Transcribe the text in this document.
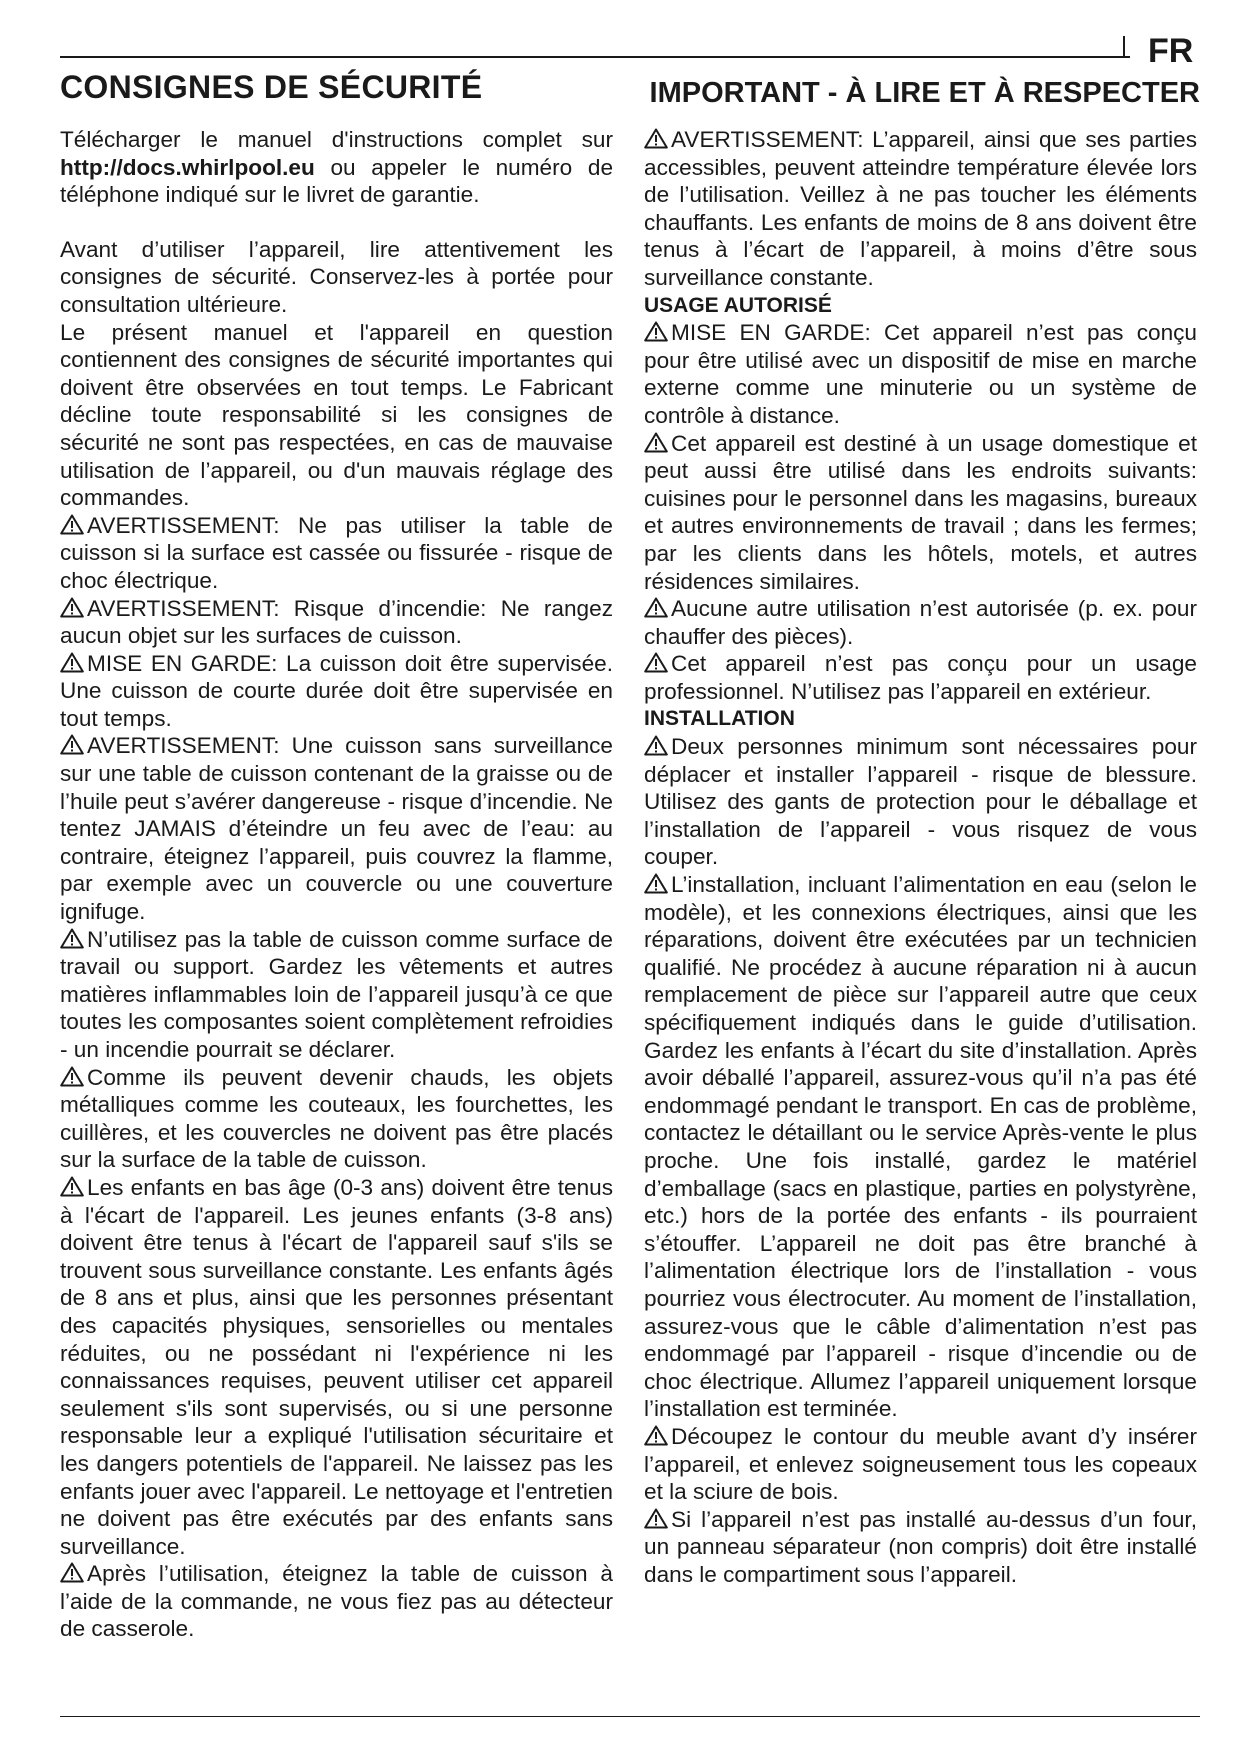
FR
CONSIGNES DE SÉCURITÉ	IMPORTANT - À LIRE ET À RESPECTER

Télécharger le manuel d'instructions complet sur http://docs.whirlpool.eu ou appeler le numéro de téléphone indiqué sur le livret de garantie.

Avant d’utiliser l’appareil, lire attentivement les consignes de sécurité. Conservez-les à portée pour consultation ultérieure.

Le présent manuel et l'appareil en question contiennent des consignes de sécurité importantes qui doivent être observées en tout temps. Le Fabricant décline toute responsabilité si les consignes de sécurité ne sont pas respectées, en cas de mauvaise utilisation de l’appareil, ou d'un mauvais réglage des commandes.

AVERTISSEMENT: Ne pas utiliser la table de cuisson si la surface est cassée ou fissurée - risque de choc électrique.

AVERTISSEMENT: Risque d’incendie: Ne rangez aucun objet sur les surfaces de cuisson.

MISE EN GARDE: La cuisson doit être supervisée. Une cuisson de courte durée doit être supervisée en tout temps.

AVERTISSEMENT: Une cuisson sans surveillance sur une table de cuisson contenant de la graisse ou de l’huile peut s’avérer dangereuse - risque d’incendie. Ne tentez JAMAIS d’éteindre un feu avec de l’eau: au contraire, éteignez l’appareil, puis couvrez la flamme, par exemple avec un couvercle ou une couverture ignifuge.

N’utilisez pas la table de cuisson comme surface de travail ou support. Gardez les vêtements et autres matières inflammables loin de l’appareil jusqu’à ce que toutes les composantes soient complètement refroidies - un incendie pourrait se déclarer.

Comme ils peuvent devenir chauds, les objets métalliques comme les couteaux, les fourchettes, les cuillères, et les couvercles ne doivent pas être placés sur la surface de la table de cuisson.

Les enfants en bas âge (0-3 ans) doivent être tenus à l'écart de l'appareil. Les jeunes enfants (3-8 ans) doivent être tenus à l'écart de l'appareil sauf s'ils se trouvent sous surveillance constante. Les enfants âgés de 8 ans et plus, ainsi que les personnes présentant des capacités physiques, sensorielles ou mentales réduites, ou ne possédant ni l'expérience ni les connaissances requises, peuvent utiliser cet appareil seulement s'ils sont supervisés, ou si une personne responsable leur a expliqué l'utilisation sécuritaire et les dangers potentiels de l'appareil. Ne laissez pas les enfants jouer avec l'appareil. Le nettoyage et l'entretien ne doivent pas être exécutés par des enfants sans surveillance.

Après l’utilisation, éteignez la table de cuisson à l’aide de la commande, ne vous fiez pas au détecteur de casserole.

AVERTISSEMENT: L’appareil, ainsi que ses parties accessibles, peuvent atteindre température élevée lors de l’utilisation. Veillez à ne pas toucher les éléments chauffants. Les enfants de moins de 8 ans doivent être tenus à l’écart de l’appareil, à moins d’être sous surveillance constante.

USAGE AUTORISÉ

MISE EN GARDE: Cet appareil n’est pas conçu pour être utilisé avec un dispositif de mise en marche externe comme une minuterie ou un système de contrôle à distance.

Cet appareil est destiné à un usage domestique et peut aussi être utilisé dans les endroits suivants: cuisines pour le personnel dans les magasins, bureaux et autres environnements de travail ; dans les fermes; par les clients dans les hôtels, motels, et autres résidences similaires.

Aucune autre utilisation n’est autorisée (p. ex. pour chauffer des pièces).

Cet appareil n’est pas conçu pour un usage professionnel. N’utilisez pas l’appareil en extérieur.

INSTALLATION

Deux personnes minimum sont nécessaires pour déplacer et installer l’appareil - risque de blessure. Utilisez des gants de protection pour le déballage et l’installation de l’appareil - vous risquez de vous couper.

L’installation, incluant l’alimentation en eau (selon le modèle), et les connexions électriques, ainsi que les réparations, doivent être exécutées par un technicien qualifié. Ne procédez à aucune réparation ni à aucun remplacement de pièce sur l’appareil autre que ceux spécifiquement indiqués dans le guide d’utilisation. Gardez les enfants à l’écart du site d’installation. Après avoir déballé l’appareil, assurez-vous qu’il n’a pas été endommagé pendant le transport. En cas de problème, contactez le détaillant ou le service Après-vente le plus proche. Une fois installé, gardez le matériel d’emballage (sacs en plastique, parties en polystyrène, etc.) hors de la portée des enfants - ils pourraient s’étouffer. L’appareil ne doit pas être branché à l’alimentation électrique lors de l’installation - vous pourriez vous électrocuter. Au moment de l’installation, assurez-vous que le câble d’alimentation n’est pas endommagé par l’appareil - risque d’incendie ou de choc électrique. Allumez l’appareil uniquement lorsque l’installation est terminée.

Découpez le contour du meuble avant d’y insérer l’appareil, et enlevez soigneusement tous les copeaux et la sciure de bois.

Si l’appareil n’est pas installé au-dessus d’un four, un panneau séparateur (non compris) doit être installé dans le compartiment sous l’appareil.
